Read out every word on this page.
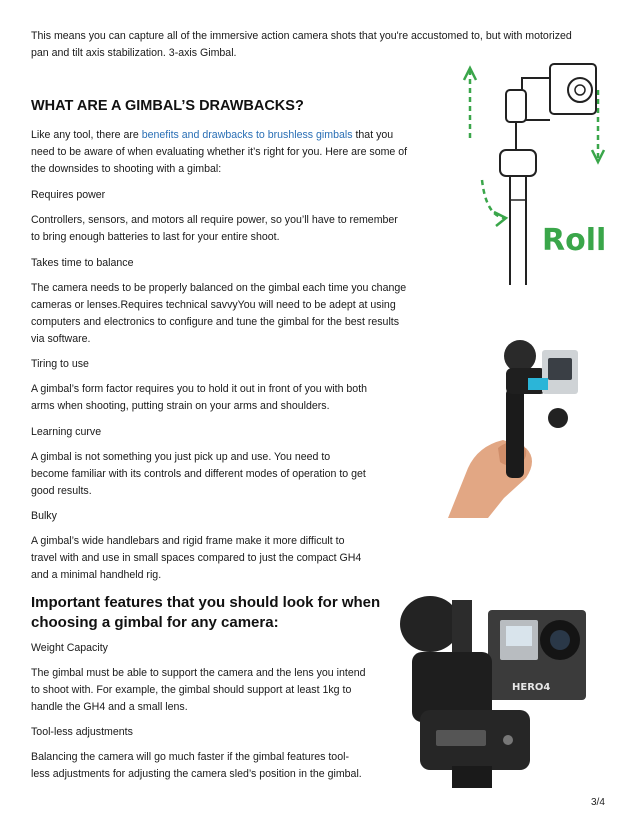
This means you can capture all of the immersive action camera shots that you're accustomed to, but with motorized
pan and tilt axis stabilization. 3-axis Gimbal.
WHAT ARE A GIMBAL’S DRAWBACKS?
Like any tool, there are benefits and drawbacks to brushless gimbals that you
need to be aware of when evaluating whether it’s right for you. Here are some of
the downsides to shooting with a gimbal:
Requires power
Controllers, sensors, and motors all require power, so you’ll have to remember
to bring enough batteries to last for your entire shoot.
Takes time to balance
The camera needs to be properly balanced on the gimbal each time you change
cameras or lenses.Requires technical savvyYou will need to be adept at using
computers and electronics to configure and tune the gimbal for the best results
via software.
Tiring to use
A gimbal’s form factor requires you to hold it out in front of you with both
arms when shooting, putting strain on your arms and shoulders.
Learning curve
A gimbal is not something you just pick up and use. You need to
become familiar with its controls and different modes of operation to get
good results.
Bulky
A gimbal’s wide handlebars and rigid frame make it more difficult to
travel with and use in small spaces compared to just the compact GH4
and a minimal handheld rig.
Important features that you should look for when
choosing a gimbal for any camera:
Weight Capacity
The gimbal must be able to support the camera and the lens you intend
to shoot with. For example, the gimbal should support at least 1kg to
handle the GH4 and a small lens.
Tool-less adjustments
Balancing the camera will go much faster if the gimbal features tool-
less adjustments for adjusting the camera sled’s position in the gimbal.
Roll
HERO4
3/4
